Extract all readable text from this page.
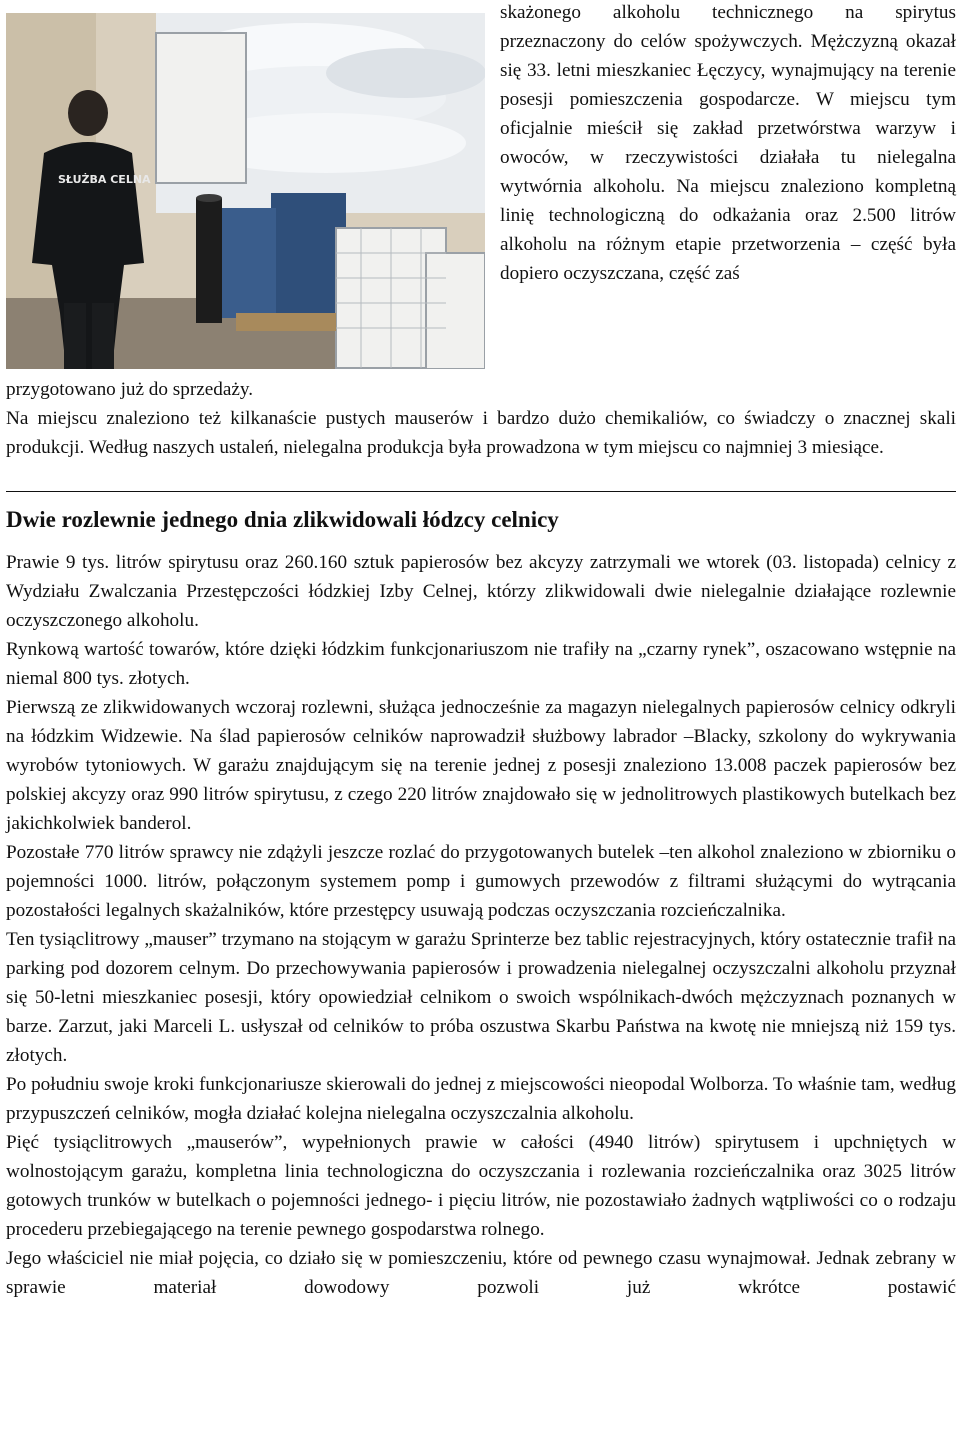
SŁUŻBA CELNA
skażonego alkoholu technicznego na spirytus przeznaczony do celów spożywczych. Mężczyzną okazał się 33. letni mieszkaniec Łęczycy, wynajmujący na terenie posesji pomieszczenia gospodarcze. W miejscu tym oficjalnie mieścił się zakład przetwórstwa warzyw i owoców, w rzeczywistości działała tu nielegalna wytwórnia alkoholu. Na miejscu znaleziono kompletną linię technologiczną do odkażania oraz 2.500 litrów alkoholu na różnym etapie przetworzenia – część była dopiero oczyszczana, część zaś
przygotowano już do sprzedaży.

Na miejscu znaleziono też kilkanaście pustych mauserów i bardzo dużo chemikaliów, co świadczy o znacznej skali produkcji. Według naszych ustaleń, nielegalna produkcja była prowadzona w tym miejscu co najmniej 3 miesiące.

Dwie rozlewnie jednego dnia zlikwidowali łódzcy celnicy

Prawie 9 tys. litrów spirytusu oraz 260.160 sztuk papierosów bez akcyzy zatrzymali we wtorek (03. listopada) celnicy z Wydziału Zwalczania Przestępczości łódzkiej Izby Celnej, którzy zlikwidowali dwie nielegalnie działające rozlewnie oczyszczonego alkoholu.

Rynkową wartość towarów, które dzięki łódzkim funkcjonariuszom nie trafiły na „czarny rynek”, oszacowano wstępnie na niemal 800 tys. złotych.

Pierwszą ze zlikwidowanych wczoraj rozlewni, służąca jednocześnie za magazyn nielegalnych papierosów celnicy odkryli na łódzkim Widzewie. Na ślad papierosów celników naprowadził służbowy labrador –Blacky, szkolony do wykrywania wyrobów tytoniowych. W garażu znajdującym się na terenie jednej z posesji znaleziono 13.008 paczek papierosów bez polskiej akcyzy oraz 990 litrów spirytusu, z czego 220 litrów znajdowało się w jednolitrowych plastikowych butelkach bez jakichkolwiek banderol.

Pozostałe 770 litrów sprawcy nie zdążyli jeszcze rozlać do przygotowanych butelek –ten alkohol znaleziono w zbiorniku o pojemności 1000. litrów, połączonym systemem pomp i gumowych przewodów z filtrami służącymi do wytrącania pozostałości legalnych skażalników, które przestępcy usuwają podczas oczyszczania rozcieńczalnika.

Ten tysiąclitrowy „mauser” trzymano na stojącym w garażu Sprinterze bez tablic rejestracyjnych, który ostatecznie trafił na parking pod dozorem celnym. Do przechowywania papierosów i prowadzenia nielegalnej oczyszczalni alkoholu przyznał się 50-letni mieszkaniec posesji, który opowiedział celnikom o swoich wspólnikach-dwóch mężczyznach poznanych w barze. Zarzut, jaki Marceli L. usłyszał od celników to próba oszustwa Skarbu Państwa na kwotę nie mniejszą niż 159 tys. złotych.

Po południu swoje kroki funkcjonariusze skierowali do jednej z miejscowości nieopodal Wolborza. To właśnie tam, według przypuszczeń celników, mogła działać kolejna nielegalna oczyszczalnia alkoholu.

Pięć tysiąclitrowych „mauserów”, wypełnionych prawie w całości (4940 litrów) spirytusem i upchniętych w wolnostojącym garażu, kompletna linia technologiczna do oczyszczania i rozlewania rozcieńczalnika oraz 3025 litrów gotowych trunków w butelkach o pojemności jednego- i pięciu litrów, nie pozostawiało żadnych wątpliwości co o rodzaju procederu przebiegającego na terenie pewnego gospodarstwa rolnego.

Jego właściciel nie miał pojęcia, co działo się w pomieszczeniu, które od pewnego czasu wynajmował. Jednak zebrany w sprawie materiał dowodowy pozwoli już wkrótce postawić
